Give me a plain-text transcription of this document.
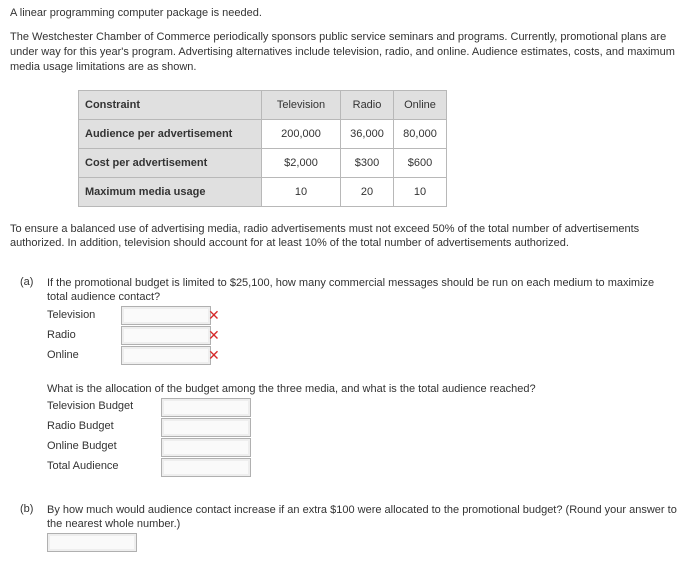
A linear programming computer package is needed.

The Westchester Chamber of Commerce periodically sponsors public service seminars and programs. Currently, promotional plans are under way for this year's program. Advertising alternatives include television, radio, and online. Audience estimates, costs, and maximum media usage limitations are as shown.

Constraint	Television	Radio	Online
Audience per advertisement	200,000	36,000	80,000
Cost per advertisement	$2,000	$300	$600
Maximum media usage	10	20	10

To ensure a balanced use of advertising media, radio advertisements must not exceed 50% of the total number of advertisements authorized. In addition, television should account for at least 10% of the total number of advertisements authorized.

(a) If the promotional budget is limited to $25,100, how many commercial messages should be run on each medium to maximize total audience contact?

Television	✕
Radio	✕
Online	✕

What is the allocation of the budget among the three media, and what is the total audience reached?

Television Budget
Radio Budget
Online Budget
Total Audience
(b) By how much would audience contact increase if an extra $100 were allocated to the promotional budget? (Round your answer to the nearest whole number.)
